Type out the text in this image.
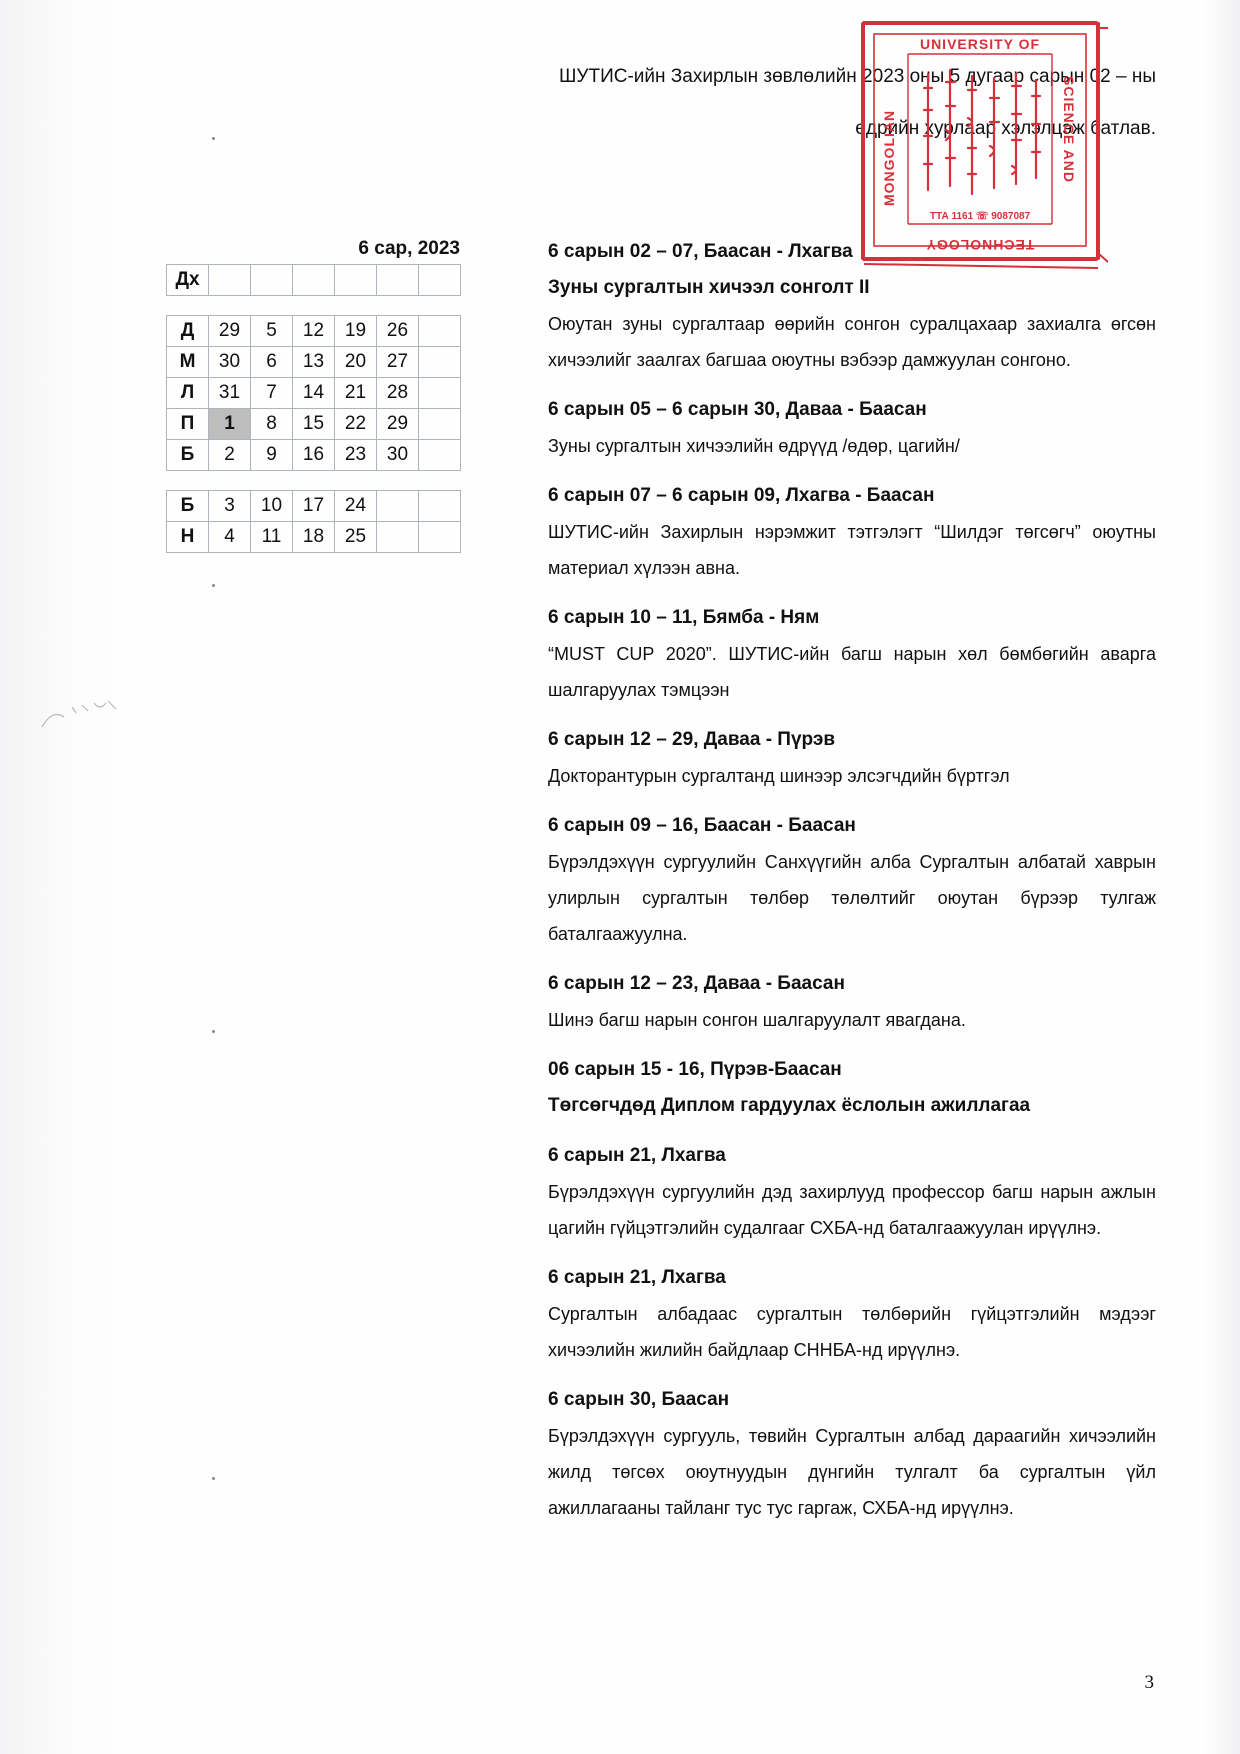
ШУТИС-ийн Захирлын зөвлөлийн 2023 оны 5 дугаар сарын 02 – ны
өдрийн хурлаар хэлэлцэж батлав.
UNIVERSITY OF
MONGOLIAN	SCIENCE AND
TECHNOLOGY
ТТА 1161 ☏ 9087087
6 сар, 2023
Дх						
Д	29	5	12	19	26	
М	30	6	13	20	27	
Л	31	7	14	21	28	
П	1	8	15	22	29	
Б	2	9	16	23	30	
Б	3	10	17	24		
Н	4	11	18	25		
6 сарын 02 – 07, Баасан - Лхагва
Зуны сургалтын хичээл сонголт II
Оюутан зуны сургалтаар өөрийн сонгон суралцахаар захиалга өгсөн хичээлийг заалгах багшаа оюутны вэбээр дамжуулан сонгоно.
6 сарын 05 – 6 сарын 30, Даваа - Баасан
Зуны сургалтын хичээлийн өдрүүд /өдөр, цагийн/
6 сарын 07 – 6 сарын 09, Лхагва - Баасан
ШУТИС-ийн Захирлын нэрэмжит тэтгэлэгт “Шилдэг төгсөгч” оюутны материал хүлээн авна.
6 сарын 10 – 11, Бямба - Ням
“MUST CUP 2020”. ШУТИС-ийн багш нарын хөл бөмбөгийн аварга шалгаруулах тэмцээн
6 сарын 12 – 29, Даваа - Пүрэв
Докторантурын сургалтанд шинээр элсэгчдийн бүртгэл
6 сарын 09 – 16, Баасан - Баасан
Бүрэлдэхүүн сургуулийн Санхүүгийн алба Сургалтын албатай хаврын улирлын сургалтын төлбөр төлөлтийг оюутан бүрээр тулгаж баталгаажуулна.
6 сарын 12 – 23, Даваа - Баасан
Шинэ багш нарын сонгон шалгаруулалт явагдана.
06 сарын 15 - 16, Пүрэв-Баасан
Төгсөгчдөд Диплом гардуулах ёслолын ажиллагаа
6 сарын 21, Лхагва
Бүрэлдэхүүн сургуулийн дэд захирлууд профессор багш нарын ажлын цагийн гүйцэтгэлийн судалгааг СХБА-нд баталгаажуулан ирүүлнэ.
6 сарын 21, Лхагва
Сургалтын албадаас сургалтын төлбөрийн гүйцэтгэлийн мэдээг хичээлийн жилийн байдлаар СННБА-нд ирүүлнэ.
6 сарын 30, Баасан
Бүрэлдэхүүн сургууль, төвийн Сургалтын албад дараагийн хичээлийн жилд төгсөх оюутнуудын дүнгийн тулгалт ба сургалтын үйл ажиллагааны тайланг тус тус гаргаж, СХБА-нд ирүүлнэ.
3
